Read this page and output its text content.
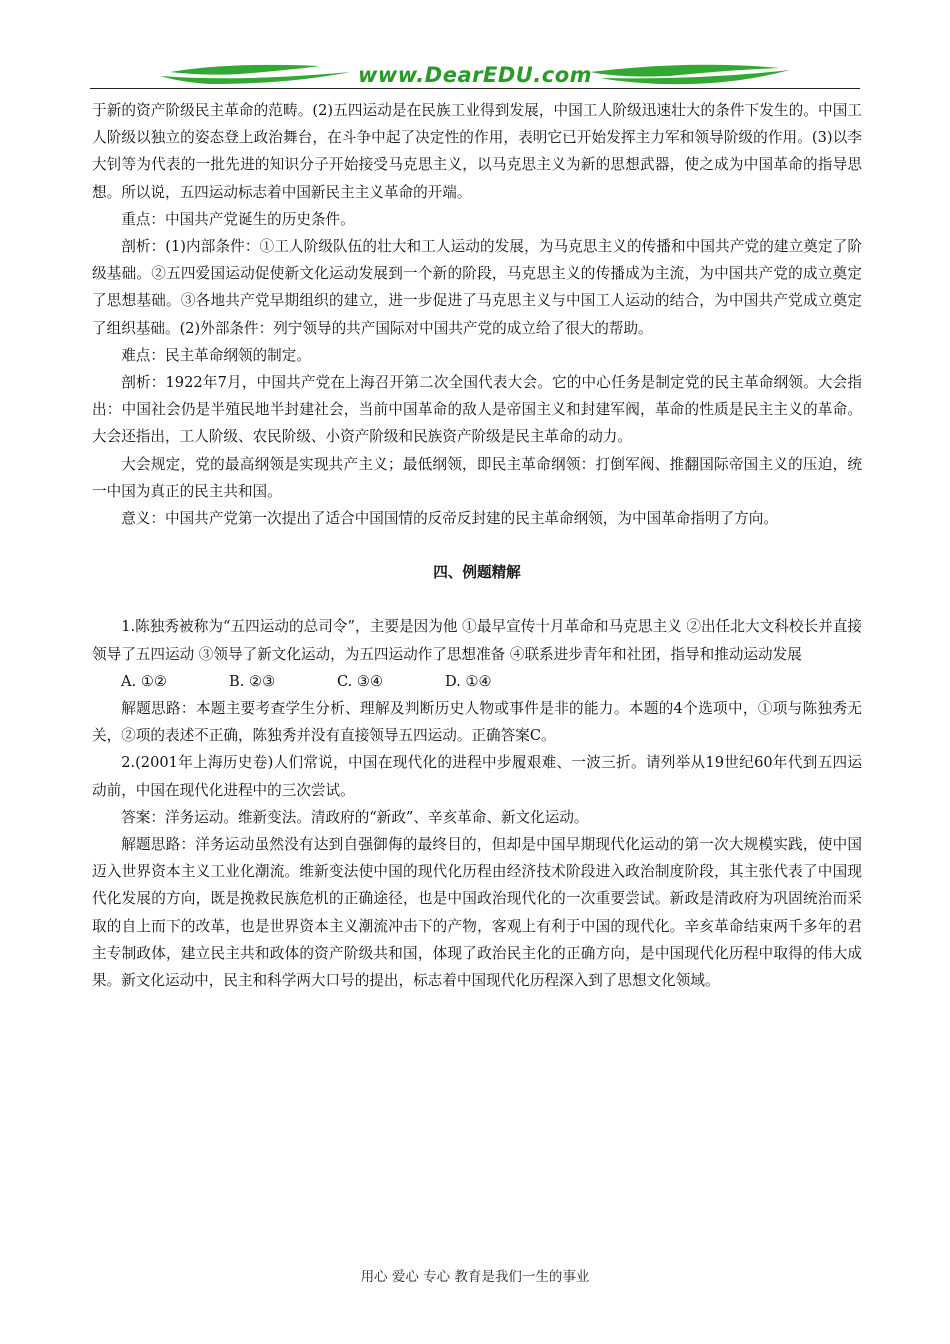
www.DearEDU.com

于新的资产阶级民主革命的范畴。(2)五四运动是在民族工业得到发展，中国工人阶级迅速壮大的条件下发生的。中国工人阶级以独立的姿态登上政治舞台，在斗争中起了决定性的作用，表明它已开始发挥主力军和领导阶级的作用。(3)以李大钊等为代表的一批先进的知识分子开始接受马克思主义，以马克思主义为新的思想武器，使之成为中国革命的指导思想。所以说，五四运动标志着中国新民主主义革命的开端。

重点：中国共产党诞生的历史条件。

剖析：(1)内部条件：①工人阶级队伍的壮大和工人运动的发展，为马克思主义的传播和中国共产党的建立奠定了阶级基础。②五四爱国运动促使新文化运动发展到一个新的阶段，马克思主义的传播成为主流，为中国共产党的成立奠定了思想基础。③各地共产党早期组织的建立，进一步促进了马克思主义与中国工人运动的结合，为中国共产党成立奠定了组织基础。(2)外部条件：列宁领导的共产国际对中国共产党的成立给了很大的帮助。

难点：民主革命纲领的制定。

剖析：1922年7月，中国共产党在上海召开第二次全国代表大会。它的中心任务是制定党的民主革命纲领。大会指出：中国社会仍是半殖民地半封建社会，当前中国革命的敌人是帝国主义和封建军阀，革命的性质是民主主义的革命。大会还指出，工人阶级、农民阶级、小资产阶级和民族资产阶级是民主革命的动力。

大会规定，党的最高纲领是实现共产主义；最低纲领，即民主革命纲领：打倒军阀、推翻国际帝国主义的压迫，统一中国为真正的民主共和国。

意义：中国共产党第一次提出了适合中国国情的反帝反封建的民主革命纲领，为中国革命指明了方向。

四、例题精解

1.陈独秀被称为“五四运动的总司令”，主要是因为他 ①最早宣传十月革命和马克思主义 ②出任北大文科校长并直接领导了五四运动 ③领导了新文化运动，为五四运动作了思想准备 ④联系进步青年和社团，指导和推动运动发展

A. ①②	B. ②③	C. ③④	D. ①④

解题思路：本题主要考查学生分析、理解及判断历史人物或事件是非的能力。本题的4个选项中，①项与陈独秀无关，②项的表述不正确，陈独秀并没有直接领导五四运动。正确答案C。

2.(2001年上海历史卷)人们常说，中国在现代化的进程中步履艰难、一波三折。请列举从19世纪60年代到五四运动前，中国在现代化进程中的三次尝试。

答案：洋务运动。维新变法。清政府的“新政”、辛亥革命、新文化运动。

解题思路：洋务运动虽然没有达到自强御侮的最终目的，但却是中国早期现代化运动的第一次大规模实践，使中国迈入世界资本主义工业化潮流。维新变法使中国的现代化历程由经济技术阶段进入政治制度阶段，其主张代表了中国现代化发展的方向，既是挽救民族危机的正确途径，也是中国政治现代化的一次重要尝试。新政是清政府为巩固统治而采取的自上而下的改革，也是世界资本主义潮流冲击下的产物，客观上有利于中国的现代化。辛亥革命结束两千多年的君主专制政体，建立民主共和政体的资产阶级共和国，体现了政治民主化的正确方向，是中国现代化历程中取得的伟大成果。新文化运动中，民主和科学两大口号的提出，标志着中国现代化历程深入到了思想文化领域。

用心 爱心 专心 教育是我们一生的事业
